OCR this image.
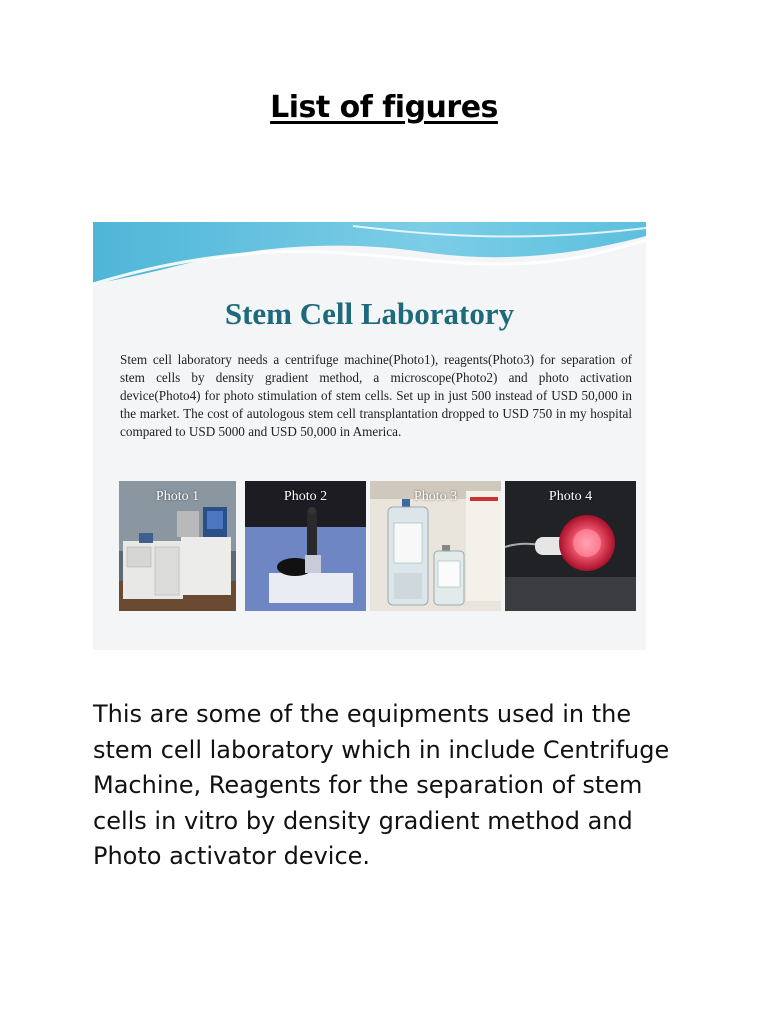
List of figures
Stem Cell Laboratory
Stem cell laboratory needs a centrifuge machine(Photo1), reagents(Photo3) for separation of stem cells by density gradient method, a microscope(Photo2) and photo activation device(Photo4) for photo stimulation of stem cells. Set up in just 500 instead of USD 50,000 in the market. The cost of autologous stem cell transplantation dropped to USD 750 in my hospital compared to USD 5000 and USD 50,000 in America.
Photo 1	Photo 2	Photo 3	Photo 4
This are some of the equipments used in the stem cell laboratory which in include Centrifuge Machine, Reagents for the separation of stem cells in vitro by density gradient method and Photo activator device.
